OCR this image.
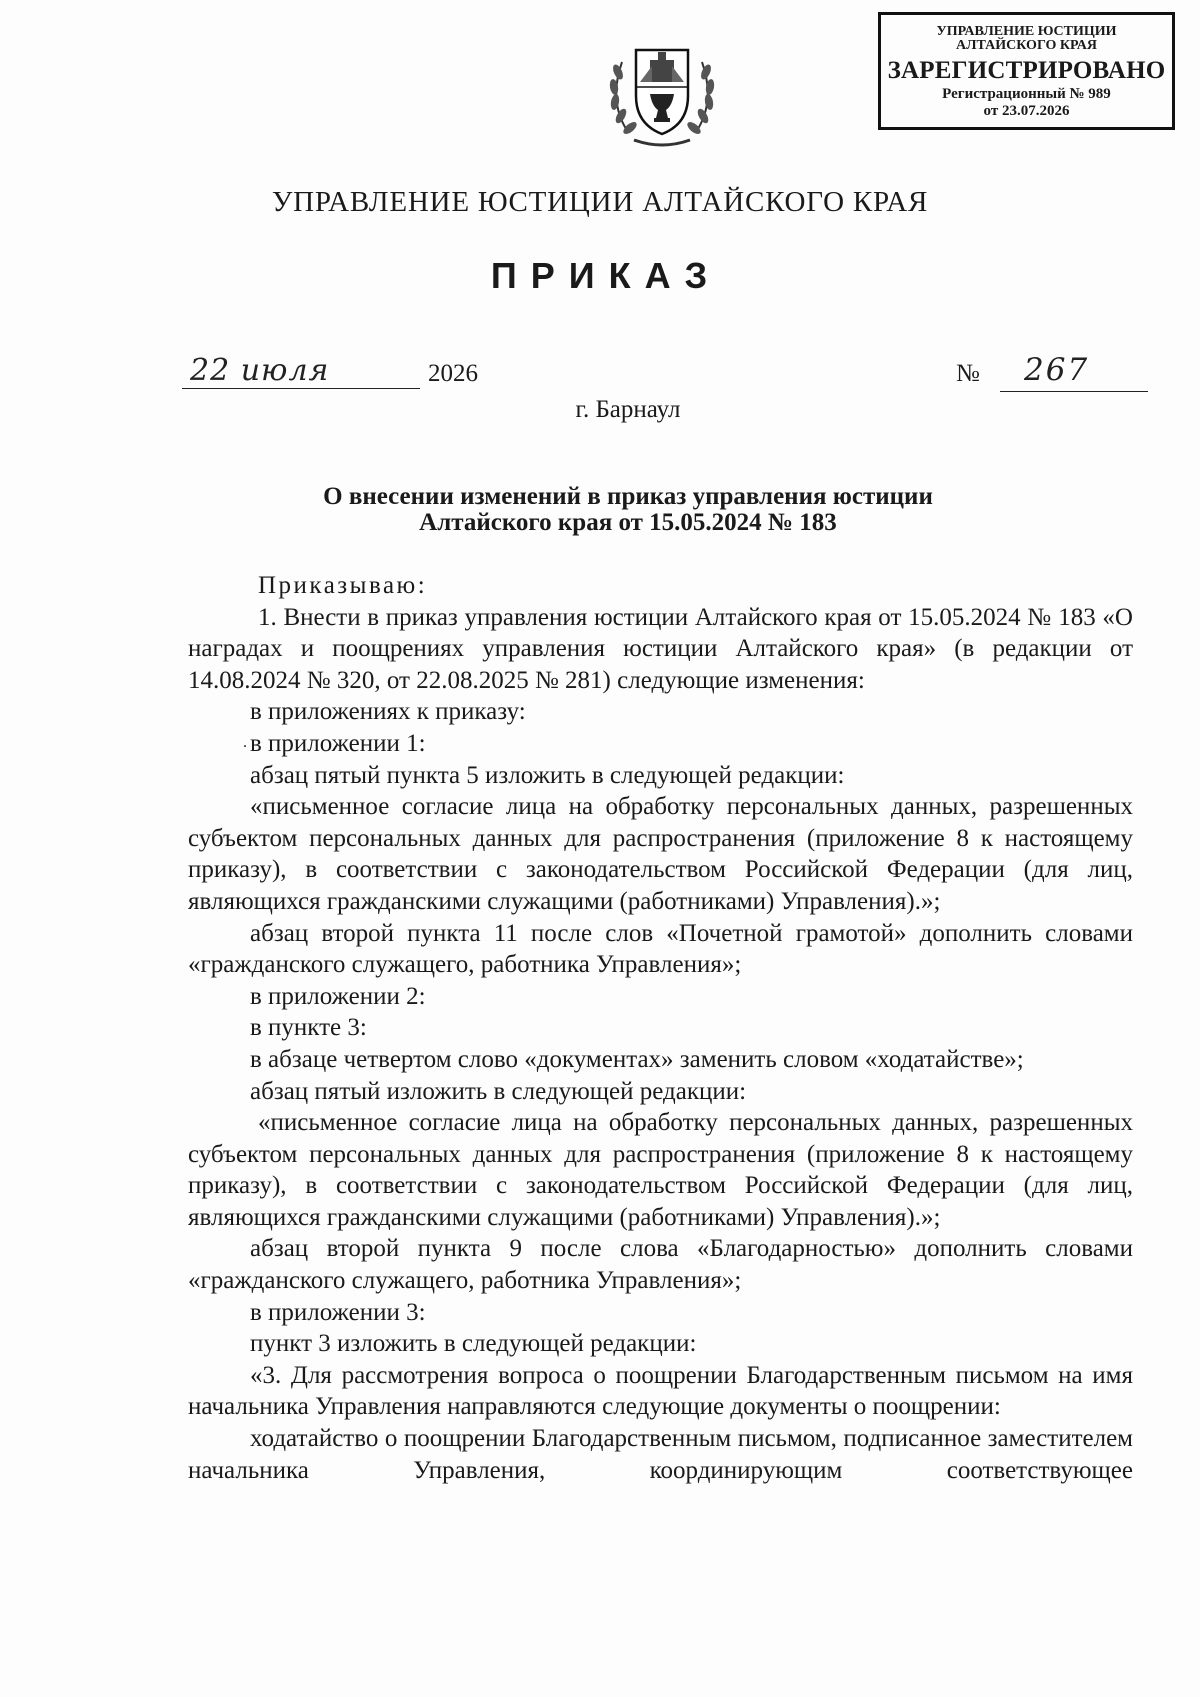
УПРАВЛЕНИЕ ЮСТИЦИИ
АЛТАЙСКОГО КРАЯ
ЗАРЕГИСТРИРОВАНО
Регистрационный № 989
от 23.07.2026
УПРАВЛЕНИЕ ЮСТИЦИИ АЛТАЙСКОГО КРАЯ
ПРИКАЗ
22 июля	2026	№ 267
г. Барнаул
О внесении изменений в приказ управления юстиции
Алтайского края от 15.05.2024 № 183
.

Приказываю:

1. Внести в приказ управления юстиции Алтайского края от 15.05.2024 № 183 «О наградах и поощрениях управления юстиции Алтайского края» (в редакции от 14.08.2024 № 320, от 22.08.2025 № 281) следующие изменения:

в приложениях к приказу:

в приложении 1:

абзац пятый пункта 5 изложить в следующей редакции:

«письменное согласие лица на обработку персональных данных, разрешенных субъектом персональных данных для распространения (приложение 8 к настоящему приказу), в соответствии с законодательством Российской Федерации (для лиц, являющихся гражданскими служащими (работниками) Управления).»;

абзац второй пункта 11 после слов «Почетной грамотой» дополнить словами «гражданского служащего, работника Управления»;

в приложении 2:

в пункте 3:

в абзаце четвертом слово «документах» заменить словом «ходатайстве»;

абзац пятый изложить в следующей редакции:

«письменное согласие лица на обработку персональных данных, разрешенных субъектом персональных данных для распространения (приложение 8 к настоящему приказу), в соответствии с законодательством Российской Федерации (для лиц, являющихся гражданскими служащими (работниками) Управления).»;

абзац второй пункта 9 после слова «Благодарностью» дополнить словами «гражданского служащего, работника Управления»;

в приложении 3:

пункт 3 изложить в следующей редакции:

«3. Для рассмотрения вопроса о поощрении Благодарственным письмом на имя начальника Управления направляются следующие документы о поощрении:

ходатайство о поощрении Благодарственным письмом, подписанное заместителем начальника Управления, координирующим соответствующее
